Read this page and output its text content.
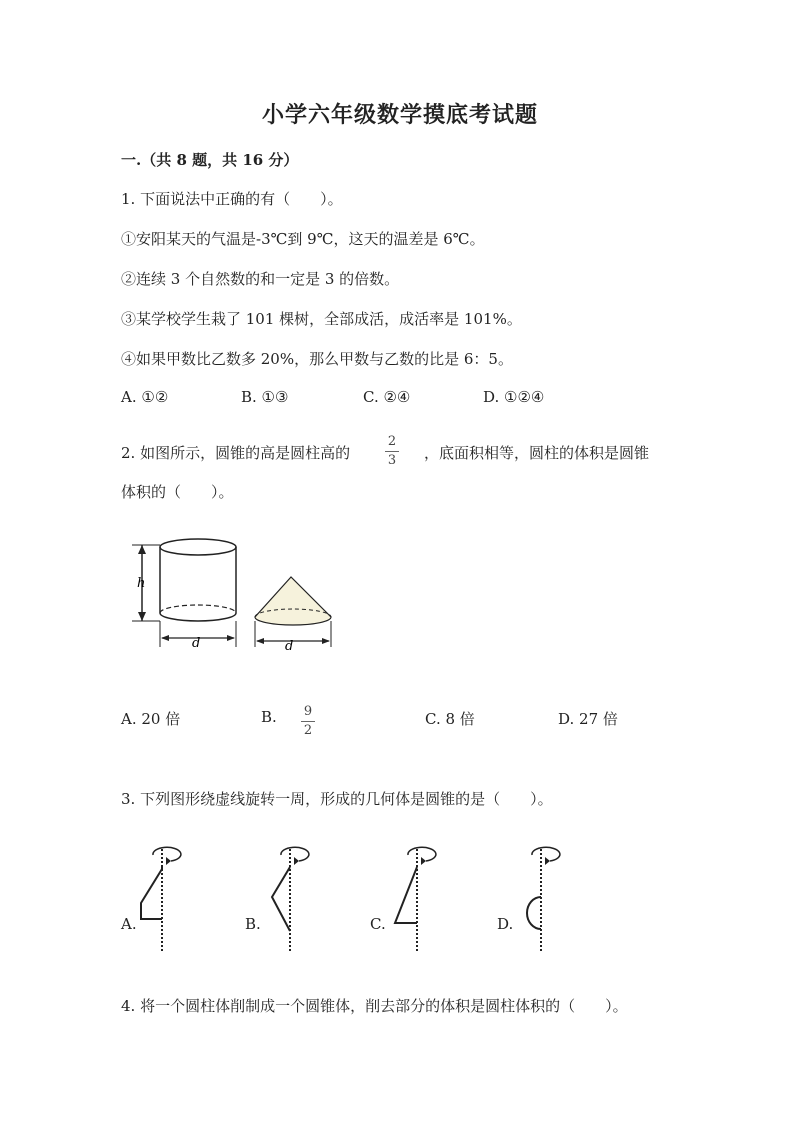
小学六年级数学摸底考试题
一.（共 8 题，共 16 分）
1. 下面说法中正确的有（　　）。
①安阳某天的气温是-3℃到 9℃，这天的温差是 6℃。
②连续 3 个自然数的和一定是 3 的倍数。
③某学校学生栽了 101 棵树，全部成活，成活率是 101%。
④如果甲数比乙数多 20%，那么甲数与乙数的比是 6：5。
A. ①②	B. ①③	C. ②④	D. ①②④
2. 如图所示，圆锥的高是圆柱高的
2
3 ，底面积相等，圆柱的体积是圆锥
体积的（　　）。
h
d	d
A. 20 倍	B. 9
2
C. 8 倍	D. 27 倍
3. 下列图形绕虚线旋转一周，形成的几何体是圆锥的是（　　）。
A.	B.	C.	D.
4. 将一个圆柱体削制成一个圆锥体，削去部分的体积是圆柱体积的（　　）。
